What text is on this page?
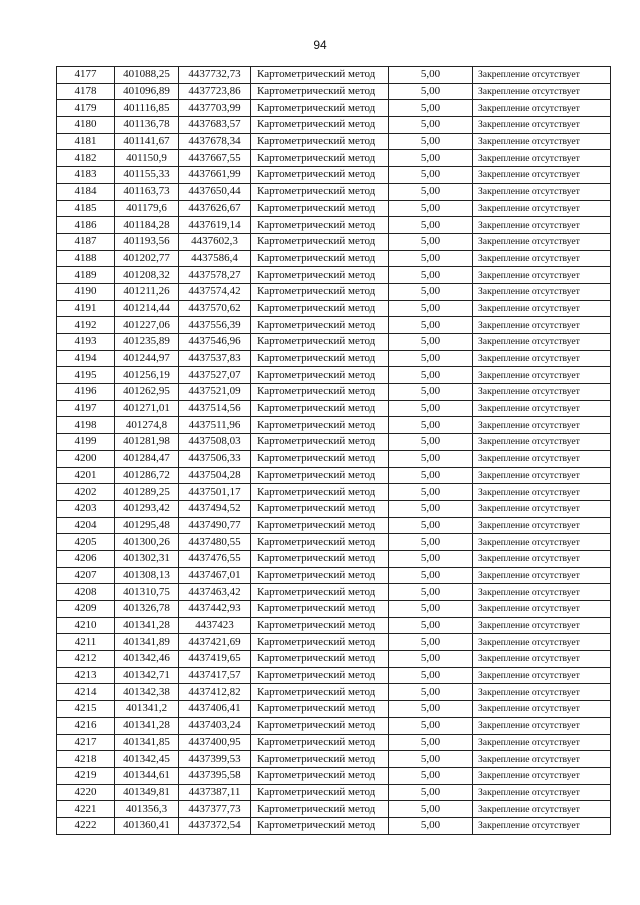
94
4177	401088,25	4437732,73	Картометрический метод	5,00	Закрепление отсутствует
4178	401096,89	4437723,86	Картометрический метод	5,00	Закрепление отсутствует
4179	401116,85	4437703,99	Картометрический метод	5,00	Закрепление отсутствует
4180	401136,78	4437683,57	Картометрический метод	5,00	Закрепление отсутствует
4181	401141,67	4437678,34	Картометрический метод	5,00	Закрепление отсутствует
4182	401150,9	4437667,55	Картометрический метод	5,00	Закрепление отсутствует
4183	401155,33	4437661,99	Картометрический метод	5,00	Закрепление отсутствует
4184	401163,73	4437650,44	Картометрический метод	5,00	Закрепление отсутствует
4185	401179,6	4437626,67	Картометрический метод	5,00	Закрепление отсутствует
4186	401184,28	4437619,14	Картометрический метод	5,00	Закрепление отсутствует
4187	401193,56	4437602,3	Картометрический метод	5,00	Закрепление отсутствует
4188	401202,77	4437586,4	Картометрический метод	5,00	Закрепление отсутствует
4189	401208,32	4437578,27	Картометрический метод	5,00	Закрепление отсутствует
4190	401211,26	4437574,42	Картометрический метод	5,00	Закрепление отсутствует
4191	401214,44	4437570,62	Картометрический метод	5,00	Закрепление отсутствует
4192	401227,06	4437556,39	Картометрический метод	5,00	Закрепление отсутствует
4193	401235,89	4437546,96	Картометрический метод	5,00	Закрепление отсутствует
4194	401244,97	4437537,83	Картометрический метод	5,00	Закрепление отсутствует
4195	401256,19	4437527,07	Картометрический метод	5,00	Закрепление отсутствует
4196	401262,95	4437521,09	Картометрический метод	5,00	Закрепление отсутствует
4197	401271,01	4437514,56	Картометрический метод	5,00	Закрепление отсутствует
4198	401274,8	4437511,96	Картометрический метод	5,00	Закрепление отсутствует
4199	401281,98	4437508,03	Картометрический метод	5,00	Закрепление отсутствует
4200	401284,47	4437506,33	Картометрический метод	5,00	Закрепление отсутствует
4201	401286,72	4437504,28	Картометрический метод	5,00	Закрепление отсутствует
4202	401289,25	4437501,17	Картометрический метод	5,00	Закрепление отсутствует
4203	401293,42	4437494,52	Картометрический метод	5,00	Закрепление отсутствует
4204	401295,48	4437490,77	Картометрический метод	5,00	Закрепление отсутствует
4205	401300,26	4437480,55	Картометрический метод	5,00	Закрепление отсутствует
4206	401302,31	4437476,55	Картометрический метод	5,00	Закрепление отсутствует
4207	401308,13	4437467,01	Картометрический метод	5,00	Закрепление отсутствует
4208	401310,75	4437463,42	Картометрический метод	5,00	Закрепление отсутствует
4209	401326,78	4437442,93	Картометрический метод	5,00	Закрепление отсутствует
4210	401341,28	4437423	Картометрический метод	5,00	Закрепление отсутствует
4211	401341,89	4437421,69	Картометрический метод	5,00	Закрепление отсутствует
4212	401342,46	4437419,65	Картометрический метод	5,00	Закрепление отсутствует
4213	401342,71	4437417,57	Картометрический метод	5,00	Закрепление отсутствует
4214	401342,38	4437412,82	Картометрический метод	5,00	Закрепление отсутствует
4215	401341,2	4437406,41	Картометрический метод	5,00	Закрепление отсутствует
4216	401341,28	4437403,24	Картометрический метод	5,00	Закрепление отсутствует
4217	401341,85	4437400,95	Картометрический метод	5,00	Закрепление отсутствует
4218	401342,45	4437399,53	Картометрический метод	5,00	Закрепление отсутствует
4219	401344,61	4437395,58	Картометрический метод	5,00	Закрепление отсутствует
4220	401349,81	4437387,11	Картометрический метод	5,00	Закрепление отсутствует
4221	401356,3	4437377,73	Картометрический метод	5,00	Закрепление отсутствует
4222	401360,41	4437372,54	Картометрический метод	5,00	Закрепление отсутствует
